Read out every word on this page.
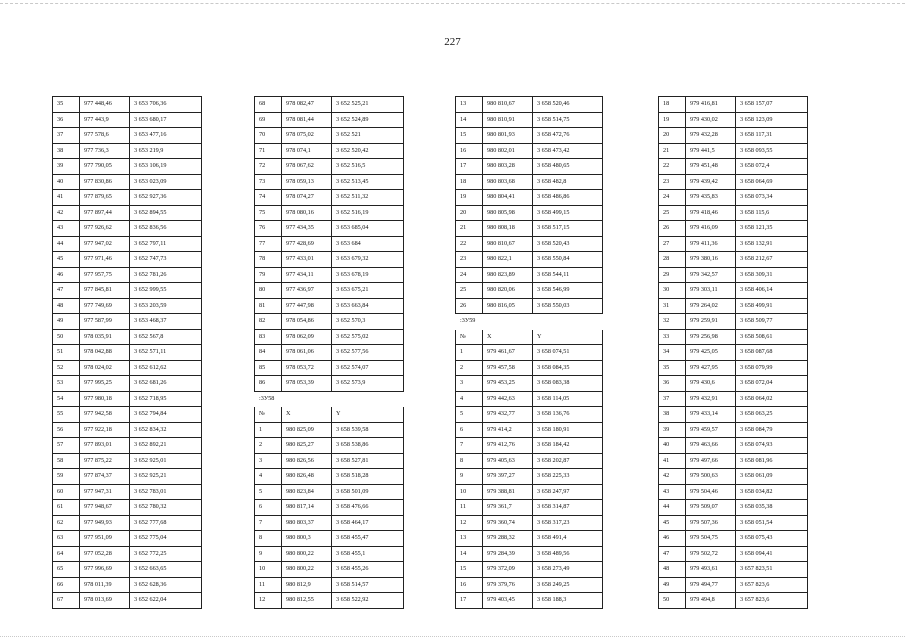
227
35	977 448,46	3 653 706,36
36	977 443,9	3 653 680,17
37	977 578,6	3 653 477,16
38	977 736,3	3 653 219,9
39	977 790,05	3 653 106,19
40	977 830,86	3 653 023,09
41	977 879,65	3 652 927,36
42	977 897,44	3 652 894,55
43	977 926,62	3 652 836,56
44	977 947,02	3 652 797,11
45	977 971,46	3 652 747,73
46	977 957,75	3 652 781,26
47	977 845,81	3 652 999,55
48	977 749,69	3 653 203,59
49	977 587,99	3 653 468,37
50	978 035,91	3 652 567,8
51	978 042,88	3 652 571,11
52	978 024,02	3 652 612,62
53	977 995,25	3 652 681,26
54	977 980,18	3 652 718,95
55	977 942,58	3 652 794,84
56	977 922,18	3 652 834,32
57	977 893,01	3 652 892,21
58	977 875,22	3 652 925,01
59	977 874,37	3 652 925,21
60	977 947,31	3 652 783,01
61	977 948,67	3 652 780,32
62	977 949,93	3 652 777,68
63	977 951,09	3 652 775,04
64	977 052,28	3 652 772,25
65	977 996,69	3 652 663,65
66	978 011,39	3 652 628,36
67	978 013,69	3 652 622,04
68	978 082,47	3 652 525,21
69	978 081,44	3 652 524,89
70	978 075,02	3 652 521
71	978 074,1	3 652 520,42
72	978 067,62	3 652 516,5
73	978 059,13	3 652 513,45
74	978 074,27	3 652 511,32
75	978 080,16	3 652 516,19
76	977 434,35	3 653 685,04
77	977 428,69	3 653 684
78	977 433,01	3 653 679,32
79	977 434,11	3 653 678,19
80	977 436,97	3 653 675,21
81	977 447,98	3 653 663,84
82	978 054,86	3 652 570,3
83	978 062,09	3 652 575,02
84	978 061,06	3 652 577,56
85	978 053,72	3 652 574,07
86	978 053,39	3 652 573,9
:3У58		
№	X	Y
1	980 825,09	3 658 539,58
2	980 825,27	3 658 538,86
3	980 826,56	3 658 527,81
4	980 826,48	3 658 518,28
5	980 823,84	3 658 501,09
6	980 817,14	3 658 476,66
7	980 803,37	3 658 464,17
8	980 800,3	3 658 455,47
9	980 800,22	3 658 455,1
10	980 800,22	3 658 455,26
11	980 812,9	3 658 514,57
12	980 812,55	3 658 522,92
13	980 810,67	3 658 520,46
14	980 810,91	3 658 514,75
15	980 801,93	3 658 472,76
16	980 802,01	3 658 473,42
17	980 803,28	3 658 480,65
18	980 803,68	3 658 482,8
19	980 804,41	3 658 486,86
20	980 805,98	3 658 499,15
21	980 808,18	3 658 517,15
22	980 810,67	3 658 520,43
23	980 822,1	3 658 550,84
24	980 823,89	3 658 544,11
25	980 820,06	3 658 546,99
26	980 816,05	3 658 550,03
:3У59		
№	X	Y
1	979 461,67	3 658 074,51
2	979 457,58	3 658 084,35
3	979 453,25	3 658 083,38
4	979 442,63	3 658 114,05
5	979 432,77	3 658 136,76
6	979 414,2	3 658 180,91
7	979 412,76	3 658 184,42
8	979 405,63	3 658 202,87
9	979 397,27	3 658 225,33
10	979 388,81	3 658 247,97
11	979 361,7	3 658 314,87
12	979 360,74	3 658 317,23
13	979 288,32	3 658 491,4
14	979 284,39	3 658 489,56
15	979 372,09	3 658 273,49
16	979 379,76	3 658 249,25
17	979 403,45	3 658 188,3
18	979 416,81	3 658 157,07
19	979 430,02	3 658 123,09
20	979 432,28	3 658 117,31
21	979 441,5	3 658 093,55
22	979 451,48	3 658 072,4
23	979 439,42	3 658 064,69
24	979 435,83	3 658 073,34
25	979 418,46	3 658 115,6
26	979 416,09	3 658 121,35
27	979 411,36	3 658 132,91
28	979 380,16	3 658 212,67
29	979 342,57	3 658 309,31
30	979 303,11	3 658 406,14
31	979 264,02	3 658 499,91
32	979 259,91	3 658 509,77
33	979 256,98	3 658 508,61
34	979 425,05	3 658 087,68
35	979 427,95	3 658 079,99
36	979 430,6	3 658 072,04
37	979 432,91	3 658 064,02
38	979 433,14	3 658 063,25
39	979 459,57	3 658 084,79
40	979 463,66	3 658 074,93
41	979 497,66	3 658 081,96
42	979 500,63	3 658 061,09
43	979 504,46	3 658 034,82
44	979 509,07	3 658 035,38
45	979 507,36	3 658 051,54
46	979 504,75	3 658 075,43
47	979 502,72	3 658 094,41
48	979 493,61	3 657 823,51
49	979 494,77	3 657 823,6
50	979 494,8	3 657 823,6
